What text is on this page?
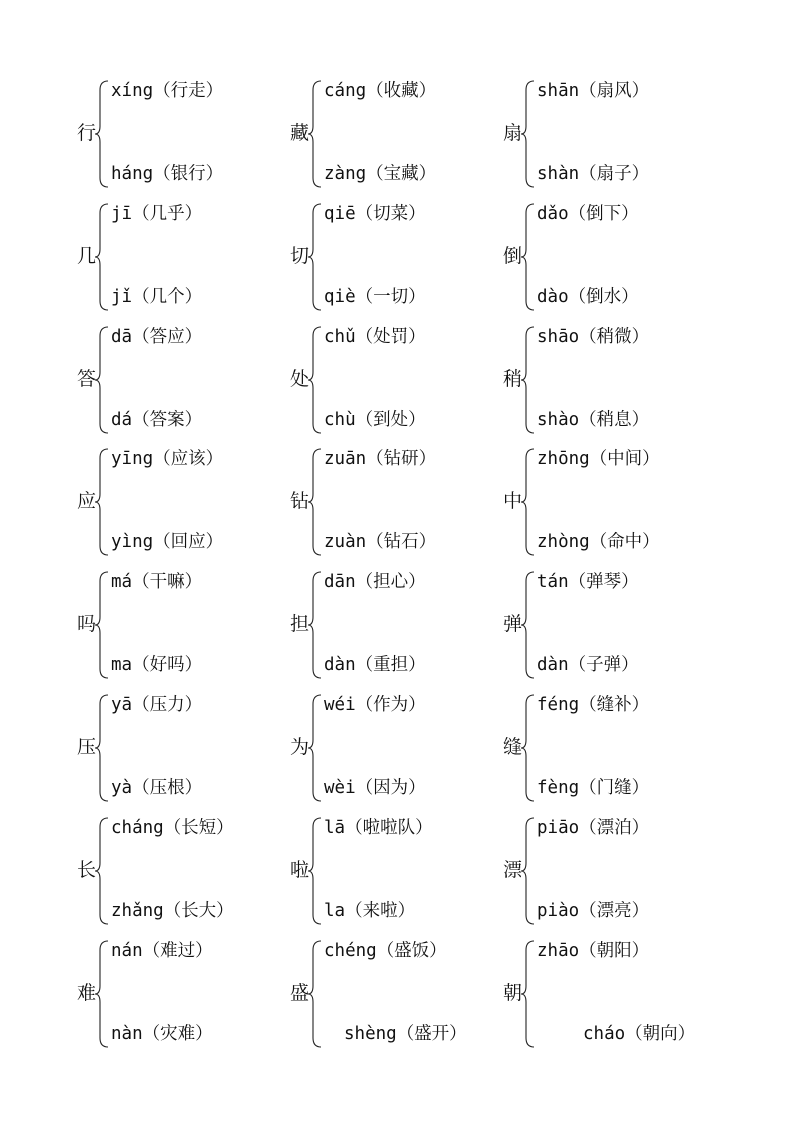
行
xíng（行走）
háng（银行）
藏
cáng（收藏）
zàng（宝藏）
扇
shān（扇风）
shàn（扇子）
几
jī（几乎）
jǐ（几个）
切
qiē（切菜）
qiè（一切）
倒
dǎo（倒下）
dào（倒水）
答
dā（答应）
dá（答案）
处
chǔ（处罚）
chù（到处）
稍
shāo（稍微）
shào（稍息）
应
yīng（应该）
yìng（回应）
钻
zuān（钻研）
zuàn（钻石）
中
zhōng（中间）
zhòng（命中）
吗
má（干嘛）
ma（好吗）
担
dān（担心）
dàn（重担）
弹
tán（弹琴）
dàn（子弹）
压
yā（压力）
yà（压根）
为
wéi（作为）
wèi（因为）
缝
féng（缝补）
fèng（门缝）
长
cháng（长短）
zhǎng（长大）
啦
lā（啦啦队）
la（来啦）
漂
piāo（漂泊）
piào（漂亮）
难
nán（难过）
nàn（灾难）
盛
chéng（盛饭）
shèng（盛开）
朝
zhāo（朝阳）
cháo（朝向）
